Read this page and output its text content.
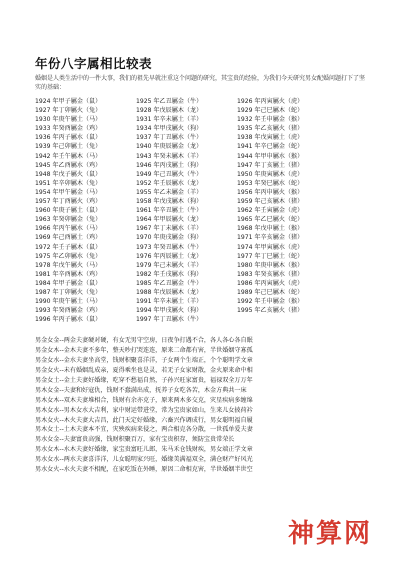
年份八字属相比较表
婚姻是人类生活中的一件大事，我们的祖先早就注重这个问题的研究，其宝贵的经验，为我们今天研究男女配婚问题打下了坚实的基础：
1924 年甲子屬金（鼠）	1925 年乙丑屬金（牛）	1926 年丙寅屬火（虎）
1927 年丁卯屬火（兔）	1928 年戊辰屬木（龙）	1929 年己巳屬木（蛇）
1930 年庚午屬土（马）	1931 年辛未屬土（羊）	1932 年壬申屬金（猴）
1933 年癸酉屬金（鸡）	1934 年甲戌屬火（狗）	1935 年乙亥屬火（猪）
1936 年丙子屬水（鼠）	1937 年丁丑屬水（牛）	1938 年戊寅屬土（虎）
1939 年己卯屬土（兔）	1940 年庚辰屬金（龙）	1941 年辛已屬金（蛇）
1942 年壬午屬木（马）	1943 年癸未屬木（羊）	1944 年甲申屬水（猴）
1945 年乙酉屬水（鸡）	1946 年丙戌屬土（狗）	1947 年丁亥屬土（猪）
1948 年戊子屬火（鼠）	1949 年己丑屬火（牛）	1950 年庚寅屬木（虎）
1951 年辛卯屬木（兔）	1952 年壬辰屬水（龙）	1953 年癸巳屬水（蛇）
1954 年甲午屬金（马）	1955 年乙未屬金（羊）	1956 年丙申屬火（猴）
1957 年丁酉屬火（鸡）	1958 年戊戌屬木（狗）	1959 年己亥屬木（猪）
1960 年庚子屬土（鼠）	1961 年辛丑屬土（牛）	1962 年壬寅屬金（虎）
1963 年癸卯屬金（兔）	1964 年甲辰屬火（龙）	1965 年乙巳屬火（蛇）
1966 年丙午屬水（马）	1967 年丁未屬水（羊）	1968 年戊申屬土（猴）
1969 年己酉屬土（鸡）	1970 年庚戌屬金（狗）	1971 年辛亥屬金（猪）
1972 年壬子屬木（鼠）	1973 年癸丑屬木（牛）	1974 年甲寅屬水（虎）
1975 年乙卯屬水（兔）	1976 年丙辰屬土（龙）	1977 年丁巳屬土（蛇）
1978 年戊午屬火（马）	1979 年己未屬火（羊）	1980 年庚申屬木（猴）
1981 年辛酉屬木（鸡）	1982 年壬戌屬水（狗）	1983 年癸亥屬水（猪）
1984 年甲子屬金（鼠）	1985 年乙丑屬金（牛）	1986 年丙寅屬火（虎）
1987 年丁卯屬火（兔）	1988 年戊辰屬木（龙）	1989 年己巳屬木（蛇）
1990 年庚午屬土（马）	1991 年辛未屬土（羊）	1992 年壬申屬金（猴）
1993 年癸酉屬金（鸡）	1994 年甲戌屬火（狗）	1995 年乙亥屬火（猪）
1996 年丙子屬水（鼠）	1997 年丁丑屬水（牛）
男金女金--两金夫妻硬对硬，有女无男守空房，日夜争打遇不合，各人各心各自眠
男金女木--金木夫妻不多年，整天吵打哭连连，原来二命都有害，半世婚姻守寡孤
男金女水--金水夫妻坐高堂，钱财积聚喜洋洋，子女两个生端正，个个聪明学文章
男金女火--未有婚姻乱成亲，夏得乘坐也是灵，若无子女家财散，金火原来命中相
男金女土--金土夫妻好婚缘，吃穿不愁福自然，子孙兴旺家富贵，福禄双全万万年
男木女金--夫妻和好寇仇，钱财不蠢满出成，抚养子女吃各苦，木金方典共一床
男木女木--双木夫妻堆相合，钱财有余亦克子，原来两木多交克，灾星疾病多缠绵
男木女水--男木女水大吉利，家中财运带进堂，常为宝贵家如山，生来儿女披荷衿
男木女火--木火夫妻大吉昌，此门天定好婚缘，六畜兴作调成行，男女聪明福自履
男木女土--土木夫妻本不宜，灾殃疾病来侵之，两合相克各分散，一世孤单爱夫妻
男水女金--夫妻富贵高强，钱财积聚百万，家有宝贵积存，须防宝贵常荣长
男水女木--水木夫妻好婚缘，家宝贵富旺儿郎，朱马禾仓钱财疾，男女端正学文章
男水女水--两水夫妻喜洋洋，儿女聪明家兴旺，婚缘美满福双全，满仓财产好风光
男水女火--水火夫妻不相配，在家吃饭在外睡，原因二命相克害，半世婚姻半世空
神算网
